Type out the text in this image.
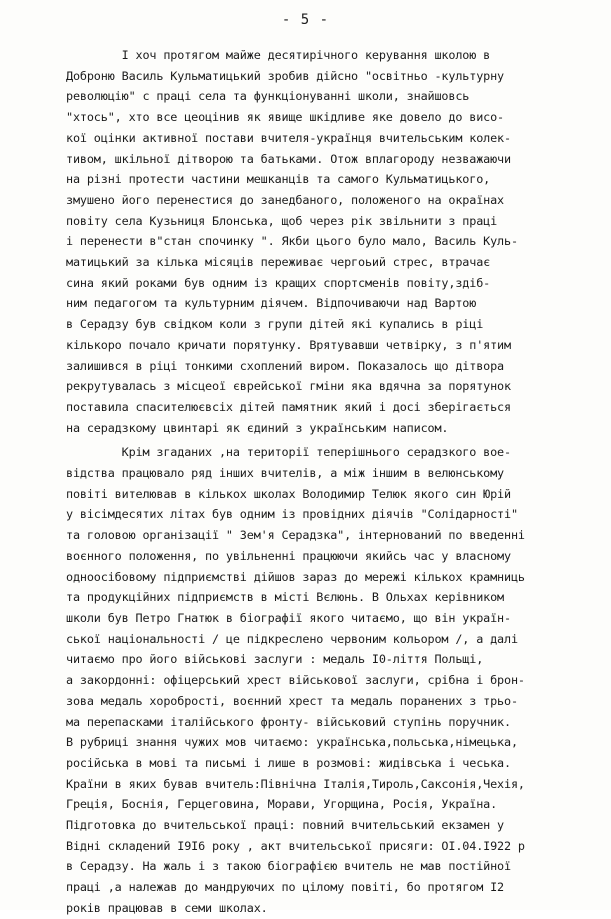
- 5 -
І хоч протягом майже десятирічного керування школою в
Доброню Василь Кульматицький зробив дійсно "освітньо -культурну
революцію" с праці села та функціонуванні школи, знайшовсь
"хтось", хто все цеоцінив як явище шкідливе яке довело до висо-
кої оцінки активної постави вчителя-українця вчительським колек-
тивом, шкільної дітворою та батьками. Отож вплагороду незважаючи
на різні протести частини мешканців та самого Кульматицького,
змушено його перенестися до занедбаного, положеного на окраїнах
повіту села Кузьниця Блонська, щоб через рік звільнити з праці
і перенести в"стан спочинку ". Якби цього було мало, Василь Куль-
матицький за кілька місяців переживає чергоьий стрес, втрачає
сина який роками був одним із кращих спортсменів повіту,здіб-
ним педагогом та культурним діячем. Відпочиваючи над Вартою
в Серадзу був свідком коли з групи дітей які купались в ріці
кількоро почало кричати порятунку. Врятувавши четвірку, з п'ятим
залишився в ріці тонкими схоплений виром. Показалось що дітвора
рекрутувалась з місцеої єврейської гміни яка вдячна за порятунок
поставила спасителюєвсіх дітей памятник який і досі зберігається
на серадзкому цвинтарі як єдиний з українським написом.
Крім згаданих ,на території теперішнього серадзкого вое-
відства працювало ряд інших вчителів, а між іншим в велюнському
повіті вителював в кількох школах Володимир Телюк якого син Юрій
у вісімдесятих літах був одним із провідних діячів "Солідарності"
та головою організації " Зем'я Серадзка", інтернований по введенні
воєнного положення, по увільненні працюючи якийсь час у власному
одноосібовому підприємстві дійшов зараз до мережі кількох крамниць
та продукційних підприємств в місті Вєлюнь. В Ольхах керівником
школи був Петро Гнатюк в біографії якого читаємо, що він україн-
ської національності / це підкреслено червоним кольором /, а далі
читаємо про його військові заслуги : медаль І0-ліття Польщі,
а закордонні: офіцерський хрест військової заслуги, срібна і брон-
зова медаль хоробрості, воєнний хрест та медаль поранених з трьо-
ма перепасками італійського фронту- військовий ступінь поручник.
В рубриці знання чужих мов читаємо: українська,польська,німецька,
російська в мові та письмі і лише в розмові: жидівська і чеська.
Країни в яких бував вчитель:Північна Італія,Тироль,Саксонія,Чехія,
Греція, Боснія, Герцеговина, Морави, Угорщина, Росія, Україна.
Підготовка до вчительської праці: повний вчительський екзамен у
Відні складений І9І6 року , акт вчительської присяги: ОІ.04.І922 р
в Серадзу. На жаль і з такою біографією вчитель не мав постійної
праці ,а належав до мандруючих по цілому повіті, бо протягом І2
років працював в семи школах.
